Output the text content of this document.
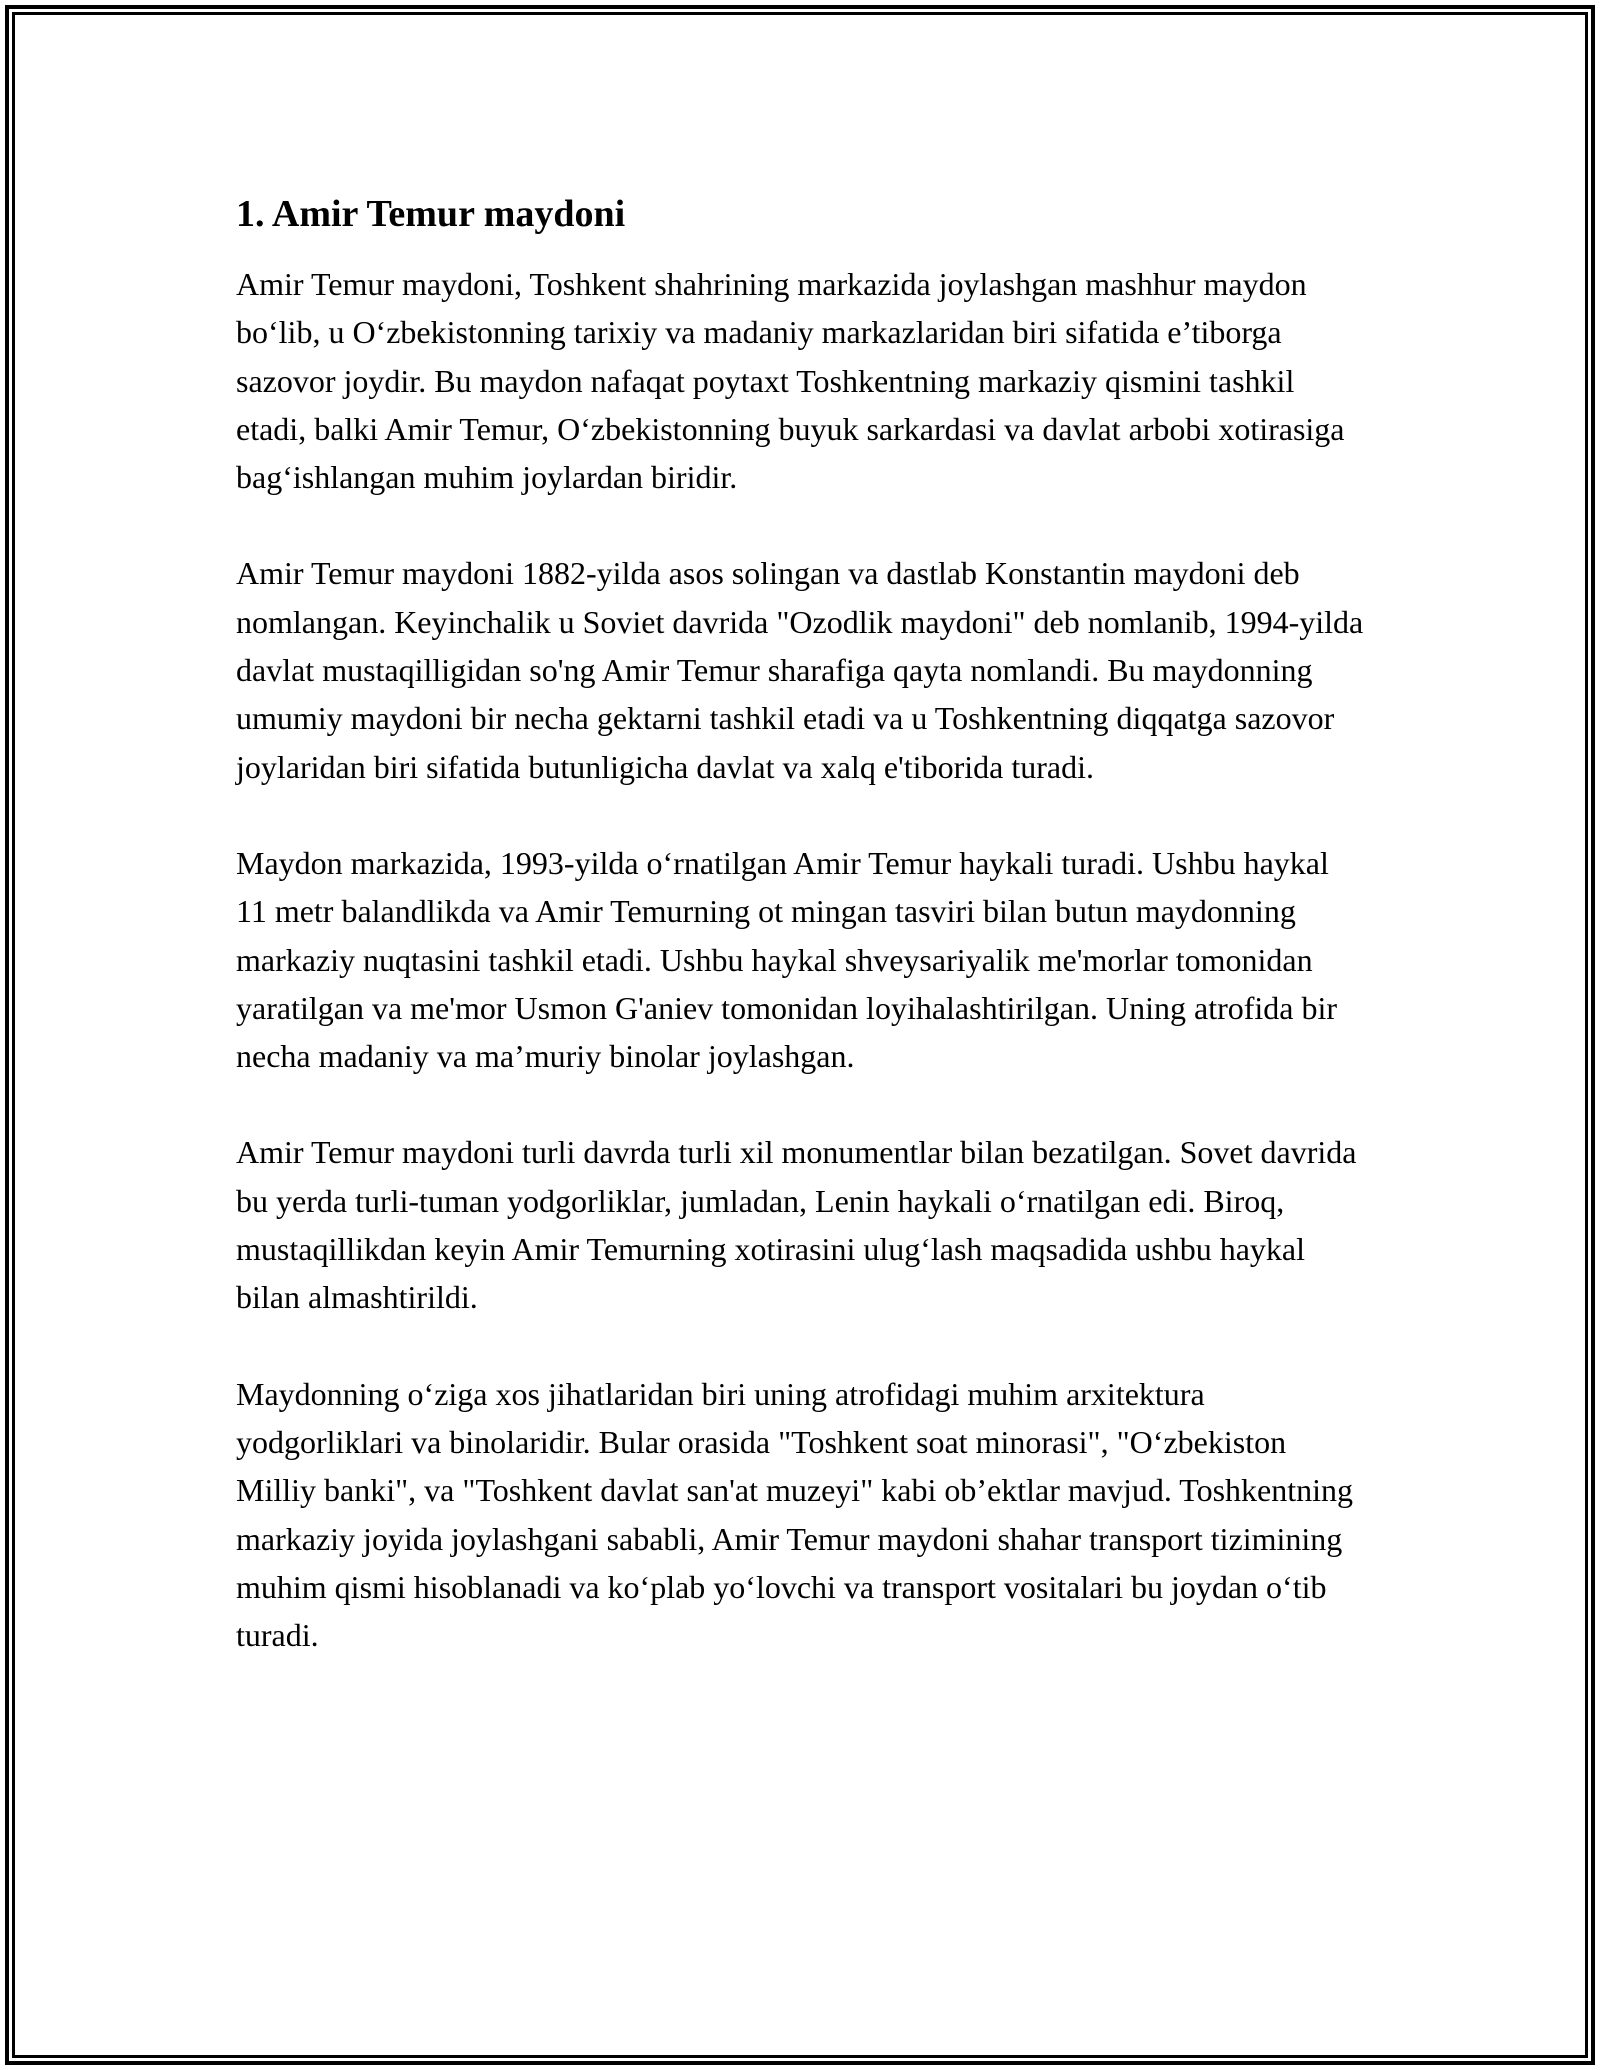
1. Amir Temur maydoni

Amir Temur maydoni, Toshkent shahrining markazida joylashgan mashhur maydon bo‘lib, u O‘zbekistonning tarixiy va madaniy markazlaridan biri sifatida e’tiborga sazovor joydir. Bu maydon nafaqat poytaxt Toshkentning markaziy qismini tashkil etadi, balki Amir Temur, O‘zbekistonning buyuk sarkardasi va davlat arbobi xotirasiga bag‘ishlangan muhim joylardan biridir.

Amir Temur maydoni 1882-yilda asos solingan va dastlab Konstantin maydoni deb nomlangan. Keyinchalik u Soviet davrida "Ozodlik maydoni" deb nomlanib, 1994-yilda davlat mustaqilligidan so'ng Amir Temur sharafiga qayta nomlandi. Bu maydonning umumiy maydoni bir necha gektarni tashkil etadi va u Toshkentning diqqatga sazovor joylaridan biri sifatida butunligicha davlat va xalq e'tiborida turadi.

Maydon markazida, 1993-yilda o‘rnatilgan Amir Temur haykali turadi. Ushbu haykal 11 metr balandlikda va Amir Temurning ot mingan tasviri bilan butun maydonning markaziy nuqtasini tashkil etadi. Ushbu haykal shveysariyalik me'morlar tomonidan yaratilgan va me'mor Usmon G'aniev tomonidan loyihalashtirilgan. Uning atrofida bir necha madaniy va ma’muriy binolar joylashgan.

Amir Temur maydoni turli davrda turli xil monumentlar bilan bezatilgan. Sovet davrida bu yerda turli-tuman yodgorliklar, jumladan, Lenin haykali o‘rnatilgan edi. Biroq, mustaqillikdan keyin Amir Temurning xotirasini ulug‘lash maqsadida ushbu haykal bilan almashtirildi.

Maydonning o‘ziga xos jihatlaridan biri uning atrofidagi muhim arxitektura yodgorliklari va binolaridir. Bular orasida "Toshkent soat minorasi", "O‘zbekiston Milliy banki", va "Toshkent davlat san'at muzeyi" kabi ob’ektlar mavjud. Toshkentning markaziy joyida joylashgani sababli, Amir Temur maydoni shahar transport tizimining muhim qismi hisoblanadi va ko‘plab yo‘lovchi va transport vositalari bu joydan o‘tib turadi.
